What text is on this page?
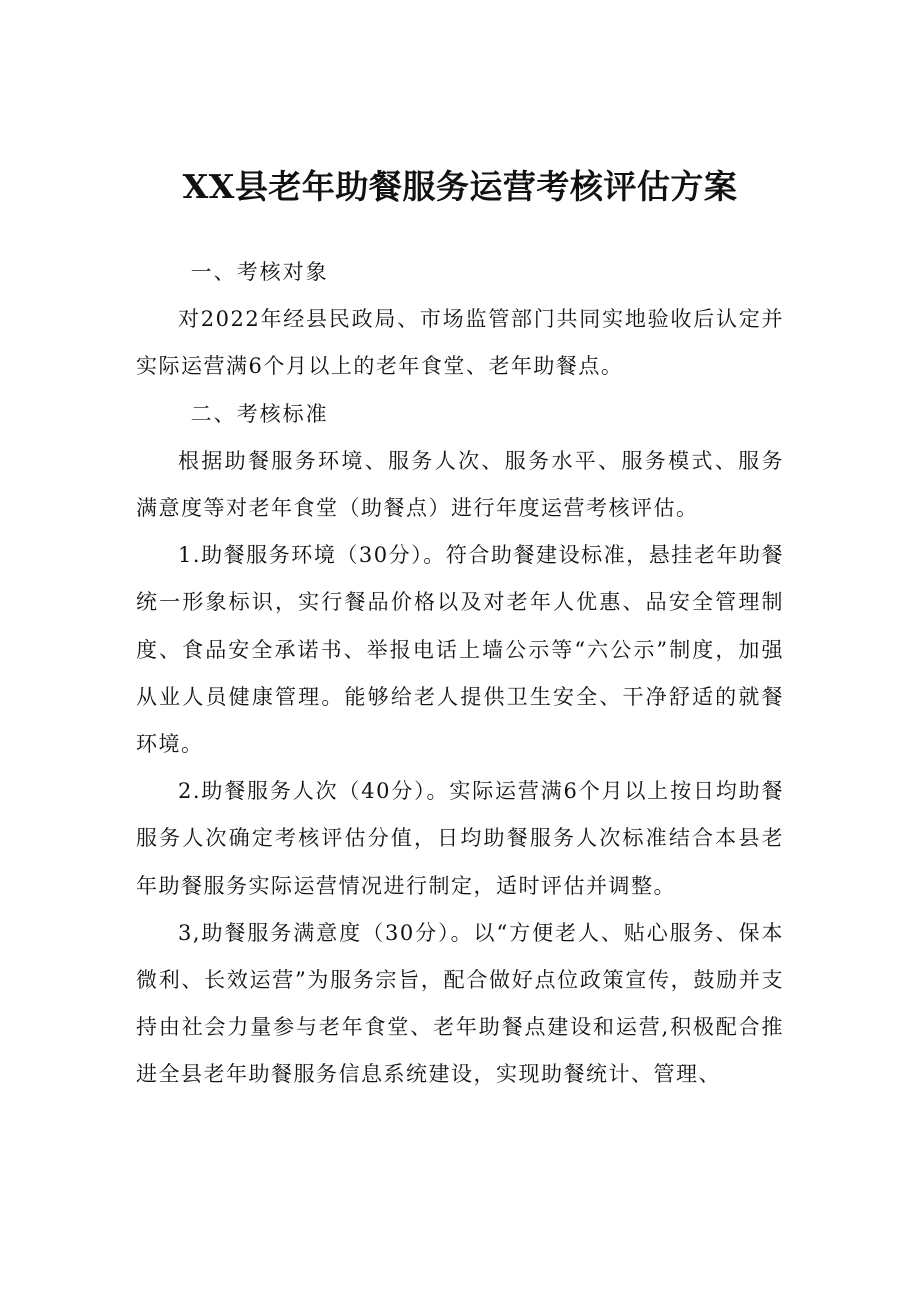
XX县老年助餐服务运营考核评估方案

一、考核对象

对2022年经县民政局、市场监管部门共同实地验收后认定并实际运营满6个月以上的老年食堂、老年助餐点。

二、考核标准

根据助餐服务环境、服务人次、服务水平、服务模式、服务满意度等对老年食堂（助餐点）进行年度运营考核评估。

1.助餐服务环境（30分）。符合助餐建设标准，悬挂老年助餐统一形象标识，实行餐品价格以及对老年人优惠、品安全管理制度、食品安全承诺书、举报电话上墙公示等“六公示”制度，加强从业人员健康管理。能够给老人提供卫生安全、干净舒适的就餐环境。

2.助餐服务人次（40分）。实际运营满6个月以上按日均助餐服务人次确定考核评估分值，日均助餐服务人次标准结合本县老年助餐服务实际运营情况进行制定，适时评估并调整。

3,助餐服务满意度（30分）。以“方便老人、贴心服务、保本微利、长效运营”为服务宗旨，配合做好点位政策宣传，鼓励并支持由社会力量参与老年食堂、老年助餐点建设和运营,积极配合推进全县老年助餐服务信息系统建设，实现助餐统计、管理、
